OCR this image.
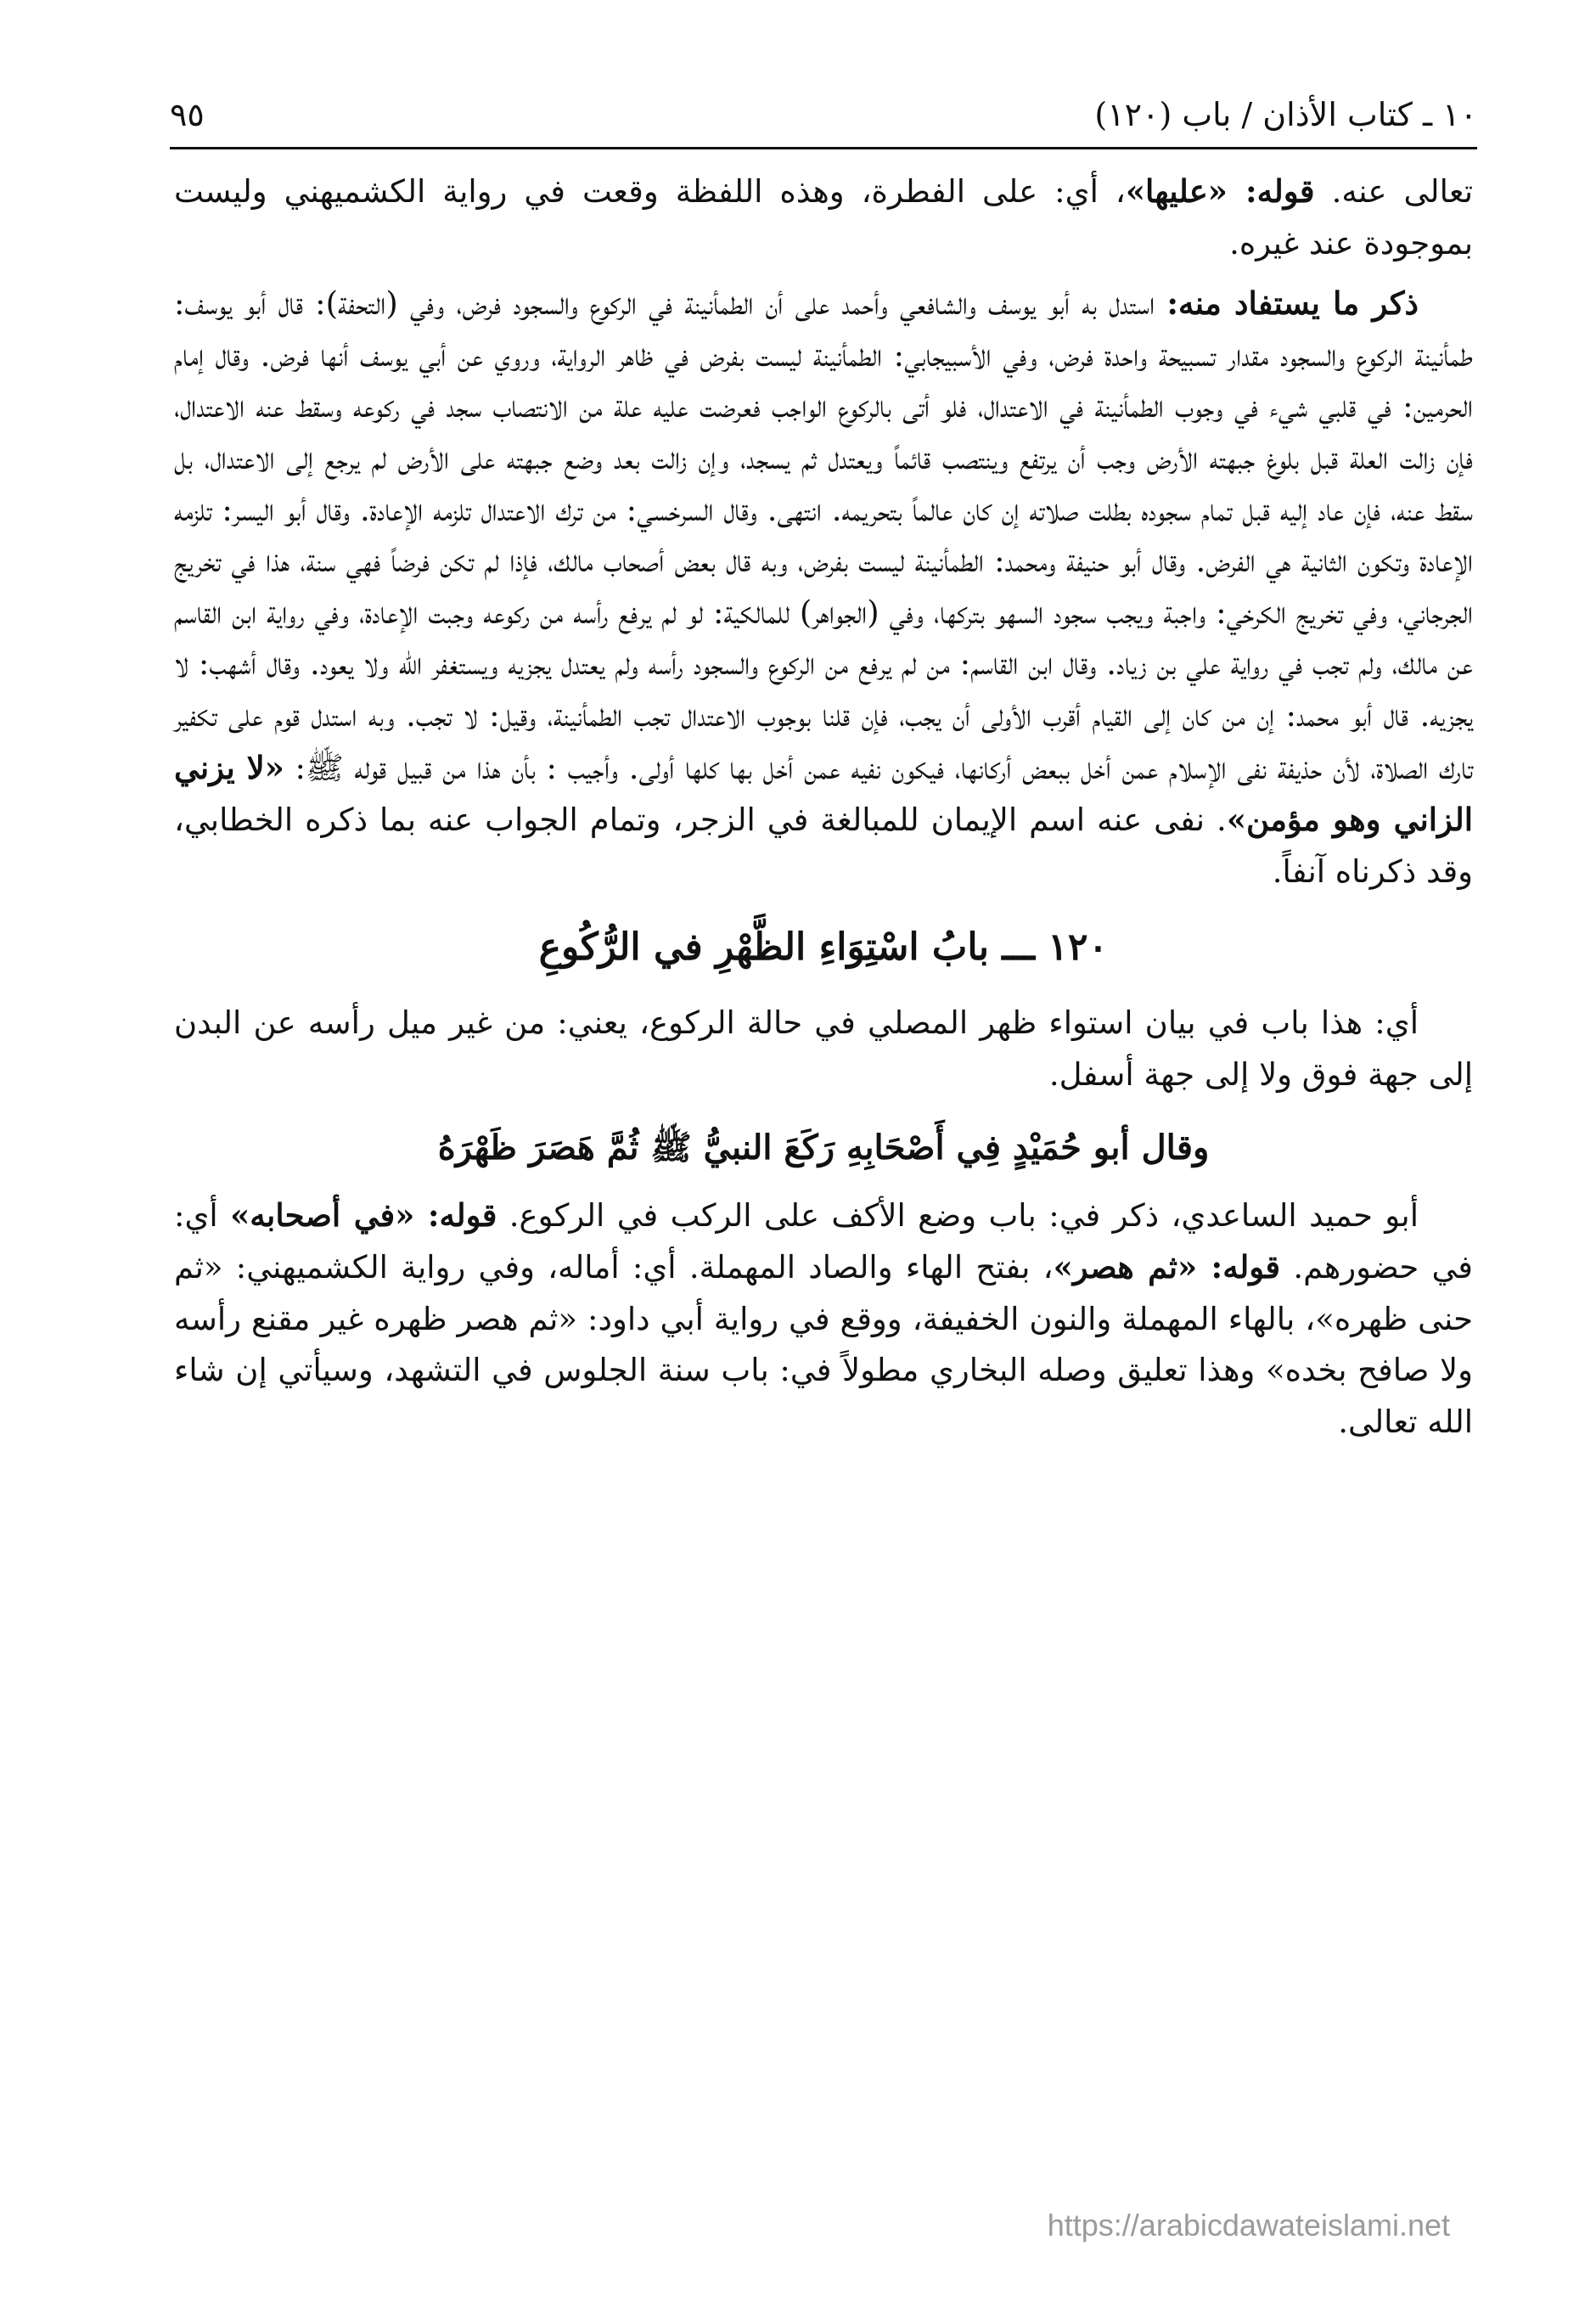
١٠ ـ كتاب الأذان / باب (١٢٠)
٩٥

تعالى عنه. قوله: «عليها»، أي: على الفطرة، وهذه اللفظة وقعت في رواية الكشميهني وليست بموجودة عند غيره.

ذكر ما يستفاد منه: استدل به أبو يوسف والشافعي وأحمد على أن الطمأنينة في الركوع والسجود فرض، وفي (التحفة): قال أبو يوسف: طمأنينة الركوع والسجود مقدار تسبيحة واحدة فرض، وفي الأسبيجابي: الطمأنينة ليست بفرض في ظاهر الرواية، وروي عن أبي يوسف أنها فرض. وقال إمام الحرمين: في قلبي شيء في وجوب الطمأنينة في الاعتدال، فلو أتى بالركوع الواجب فعرضت عليه علة من الانتصاب سجد في ركوعه وسقط عنه الاعتدال، فإن زالت العلة قبل بلوغ جبهته الأرض وجب أن يرتفع وينتصب قائماً ويعتدل ثم يسجد، وإن زالت بعد وضع جبهته على الأرض لم يرجع إلى الاعتدال، بل سقط عنه، فإن عاد إليه قبل تمام سجوده بطلت صلاته إن كان عالماً بتحريمه. انتهى. وقال السرخسي: من ترك الاعتدال تلزمه الإعادة. وقال أبو اليسر: تلزمه الإعادة وتكون الثانية هي الفرض. وقال أبو حنيفة ومحمد: الطمأنينة ليست بفرض، وبه قال بعض أصحاب مالك، فإذا لم تكن فرضاً فهي سنة، هذا في تخريج الجرجاني، وفي تخريج الكرخي: واجبة ويجب سجود السهو بتركها، وفي (الجواهر) للمالكية: لو لم يرفع رأسه من ركوعه وجبت الإعادة، وفي رواية ابن القاسم عن مالك، ولم تجب في رواية علي بن زياد. وقال ابن القاسم: من لم يرفع من الركوع والسجود رأسه ولم يعتدل يجزيه ويستغفر الله ولا يعود. وقال أشهب: لا يجزيه. قال أبو محمد: إن من كان إلى القيام أقرب الأولى أن يجب، فإن قلنا بوجوب الاعتدال تجب الطمأنينة، وقيل: لا تجب. وبه استدل قوم على تكفير تارك الصلاة، لأن حذيفة نفى الإسلام عمن أخل ببعض أركانها، فيكون نفيه عمن أخل بها كلها أولى. وأجيب : بأن هذا من قبيل قوله ﷺ: «لا يزني الزاني وهو مؤمن». نفى عنه اسم الإيمان للمبالغة في الزجر، وتمام الجواب عنه بما ذكره الخطابي، وقد ذكرناه آنفاً.

١٢٠ ـــ بابُ اسْتِوَاءِ الظَّهْرِ في الرُّكُوعِ

أي: هذا باب في بيان استواء ظهر المصلي في حالة الركوع، يعني: من غير ميل رأسه عن البدن إلى جهة فوق ولا إلى جهة أسفل.

وقال أبو حُمَيْدٍ فِي أَصْحَابِهِ رَكَعَ النبيُّ ﷺ ثُمَّ هَصَرَ ظَهْرَهُ

أبو حميد الساعدي، ذكر في: باب وضع الأكف على الركب في الركوع. قوله: «في أصحابه» أي: في حضورهم. قوله: «ثم هصر»، بفتح الهاء والصاد المهملة. أي: أماله، وفي رواية الكشميهني: «ثم حنى ظهره»، بالهاء المهملة والنون الخفيفة، ووقع في رواية أبي داود: «ثم هصر ظهره غير مقنع رأسه ولا صافح بخده» وهذا تعليق وصله البخاري مطولاً في: باب سنة الجلوس في التشهد، وسيأتي إن شاء الله تعالى.

https://arabicdawateislami.net
